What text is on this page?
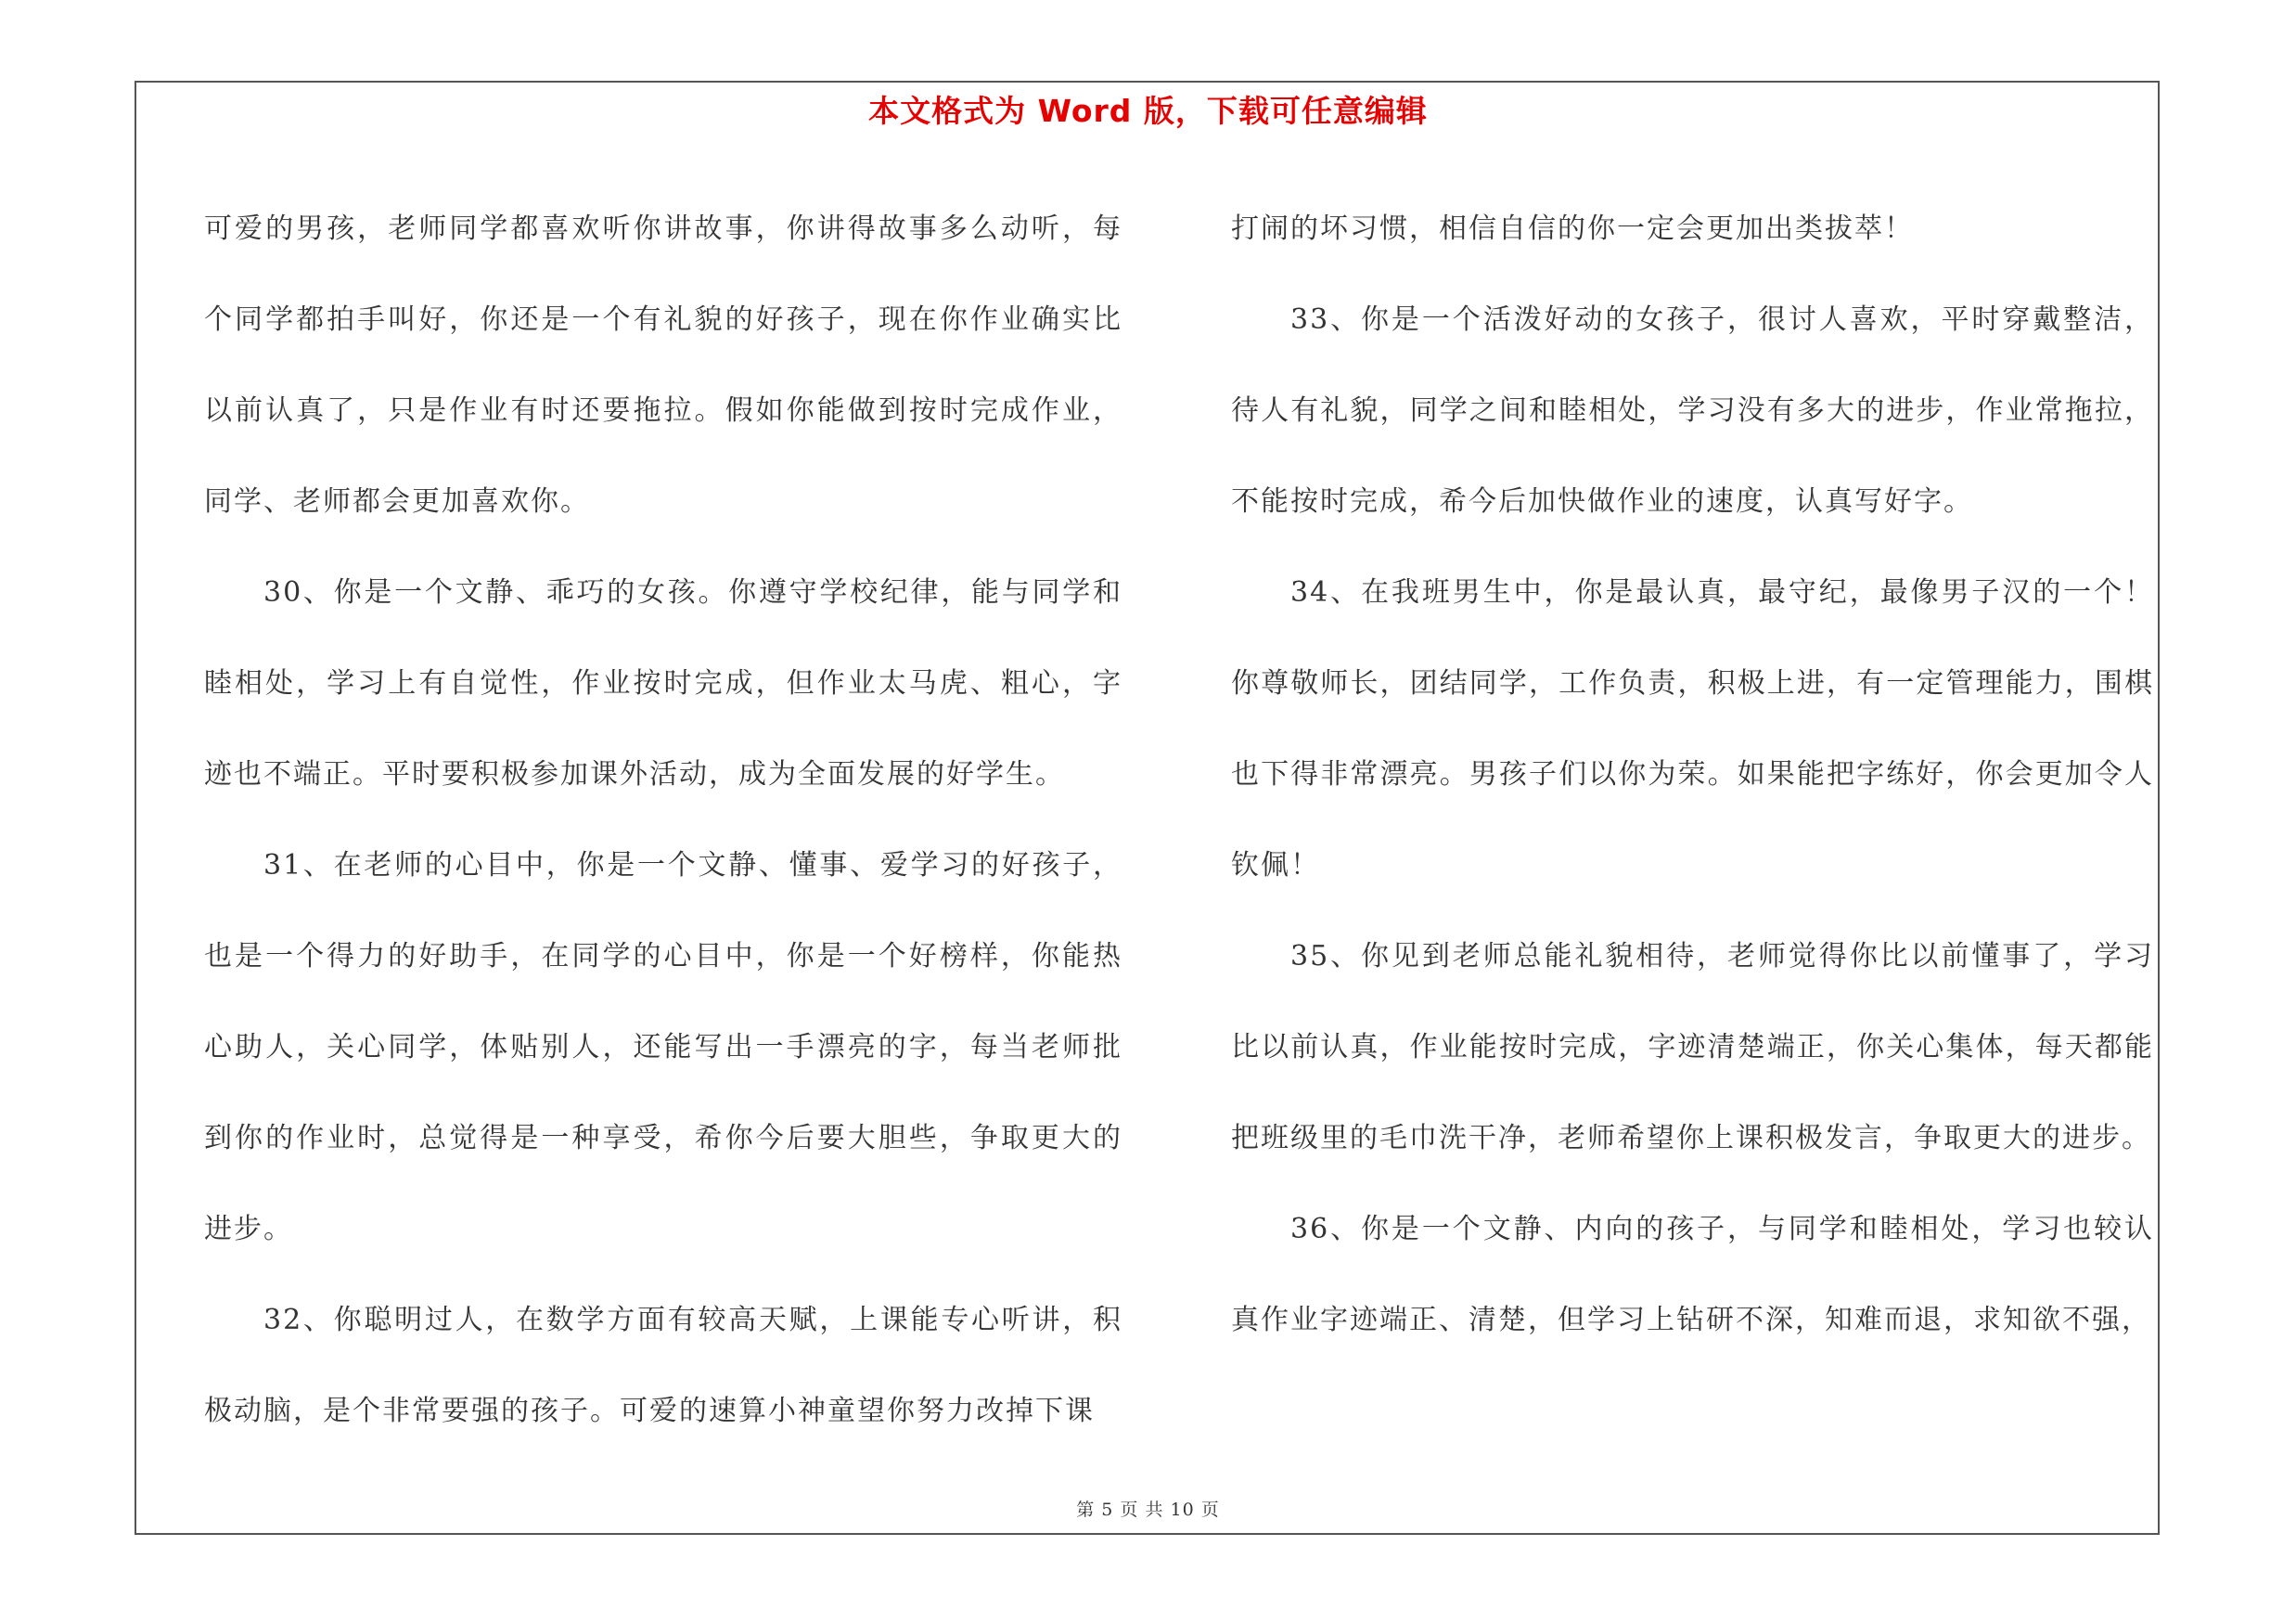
本文格式为 Word 版，下载可任意编辑

可爱的男孩，老师同学都喜欢听你讲故事，你讲得故事多么动听，每个同学都拍手叫好，你还是一个有礼貌的好孩子，现在你作业确实比以前认真了，只是作业有时还要拖拉。假如你能做到按时完成作业，同学、老师都会更加喜欢你。

30、你是一个文静、乖巧的女孩。你遵守学校纪律，能与同学和睦相处，学习上有自觉性，作业按时完成，但作业太马虎、粗心，字迹也不端正。平时要积极参加课外活动，成为全面发展的好学生。

31、在老师的心目中，你是一个文静、懂事、爱学习的好孩子，也是一个得力的好助手，在同学的心目中，你是一个好榜样，你能热心助人，关心同学，体贴别人，还能写出一手漂亮的字，每当老师批到你的作业时，总觉得是一种享受，希你今后要大胆些，争取更大的进步。

32、你聪明过人，在数学方面有较高天赋，上课能专心听讲，积极动脑，是个非常要强的孩子。可爱的速算小神童望你努力改掉下课

打闹的坏习惯，相信自信的你一定会更加出类拔萃！

33、你是一个活泼好动的女孩子，很讨人喜欢，平时穿戴整洁，待人有礼貌，同学之间和睦相处，学习没有多大的进步，作业常拖拉，不能按时完成，希今后加快做作业的速度，认真写好字。

34、在我班男生中，你是最认真，最守纪，最像男子汉的一个！你尊敬师长，团结同学，工作负责，积极上进，有一定管理能力，围棋也下得非常漂亮。男孩子们以你为荣。如果能把字练好，你会更加令人钦佩！

35、你见到老师总能礼貌相待，老师觉得你比以前懂事了，学习比以前认真，作业能按时完成，字迹清楚端正，你关心集体，每天都能把班级里的毛巾洗干净，老师希望你上课积极发言，争取更大的进步。

36、你是一个文静、内向的孩子，与同学和睦相处，学习也较认真作业字迹端正、清楚，但学习上钻研不深，知难而退，求知欲不强，

第 5 页 共 10 页
